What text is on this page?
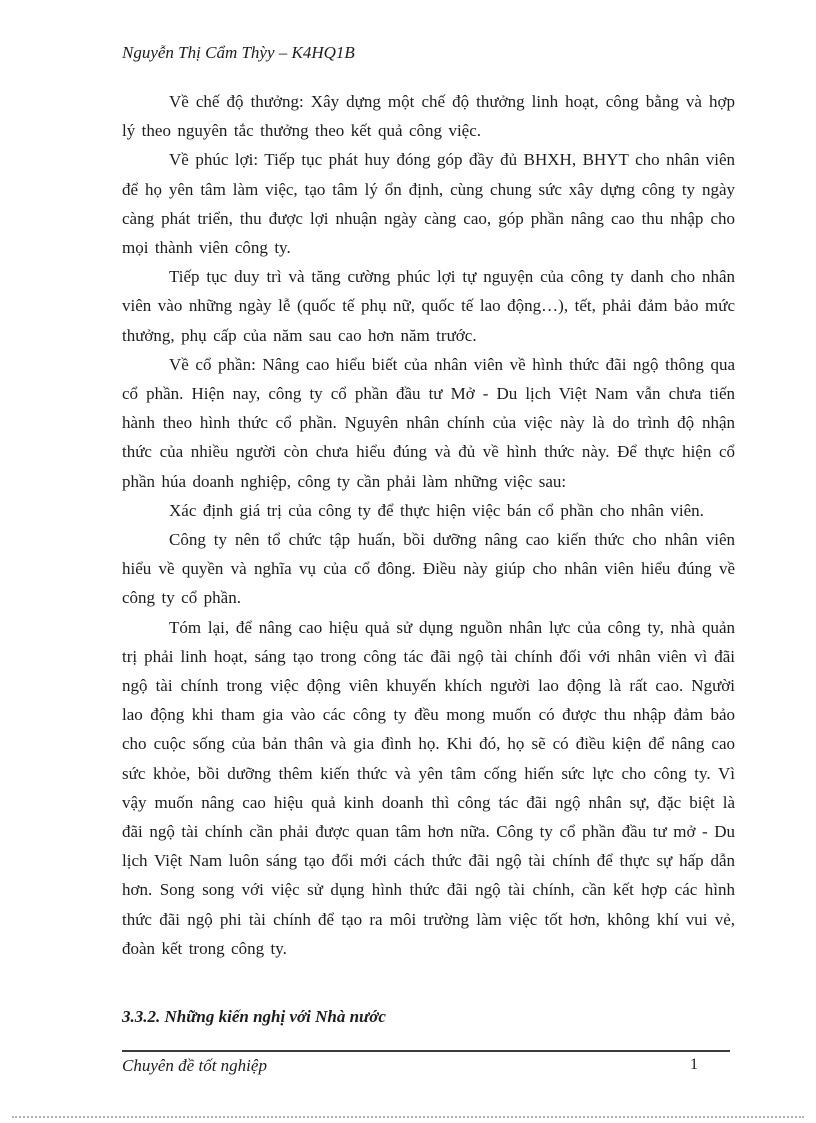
Nguyễn Thị Cẩm Thỳy – K4HQ1B

Về chế độ thưởng: Xây dựng một chế độ thưởng linh hoạt, công bằng và hợp lý theo nguyên tắc thưởng theo kết quả công việc.

Về phúc lợi: Tiếp tục phát huy đóng góp đầy đủ BHXH, BHYT cho nhân viên để họ yên tâm làm việc, tạo tâm lý ổn định, cùng chung sức xây dựng công ty ngày càng phát triển, thu được lợi nhuận ngày càng cao, góp phần nâng cao thu nhập cho mọi thành viên công ty.

Tiếp tục duy trì và tăng cường phúc lợi tự nguyện của công ty danh cho nhân viên vào những ngày lễ (quốc tế phụ nữ, quốc tế lao động…), tết, phải đảm bảo mức thưởng, phụ cấp của năm sau cao hơn năm trước.

Về cổ phần: Nâng cao hiểu biết của nhân viên về hình thức đãi ngộ thông qua cổ phần. Hiện nay, công ty cổ phần đầu tư Mở - Du lịch Việt Nam vẫn chưa tiến hành theo hình thức cổ phần. Nguyên nhân chính của việc này là do trình độ nhận thức của nhiều người còn chưa hiểu đúng và đủ về hình thức này. Để thực hiện cổ phần húa doanh nghiệp, công ty cần phải làm những việc sau:

Xác định giá trị của công ty để thực hiện việc bán cổ phần cho nhân viên.

Công ty nên tổ chức tập huấn, bồi dưỡng nâng cao kiến thức cho nhân viên hiểu về quyền và nghĩa vụ của cổ đông. Điều này giúp cho nhân viên hiểu đúng về công ty cổ phần.

Tóm lại, để nâng cao hiệu quả sử dụng nguồn nhân lực của công ty, nhà quản trị phải linh hoạt, sáng tạo trong công tác đãi ngộ tài chính đối với nhân viên vì đãi ngộ tài chính trong việc động viên khuyến khích người lao động là rất cao. Người lao động khi tham gia vào các công ty đều mong muốn có được thu nhập đảm bảo cho cuộc sống của bản thân và gia đình họ. Khi đó, họ sẽ có điều kiện để nâng cao sức khỏe, bồi dưỡng thêm kiến thức và yên tâm cống hiến sức lực cho công ty. Vì vậy muốn nâng cao hiệu quả kinh doanh thì công tác đãi ngộ nhân sự, đặc biệt là đãi ngộ tài chính cần phải được quan tâm hơn nữa. Công ty cổ phần đầu tư mở - Du lịch Việt Nam luôn sáng tạo đổi mới cách thức đãi ngộ tài chính để thực sự hấp dẫn hơn. Song song với việc sử dụng hình thức đãi ngộ tài chính, cần kết hợp các hình thức đãi ngộ phi tài chính để tạo ra môi trường làm việc tốt hơn, không khí vui vẻ, đoàn kết trong công ty.

3.3.2. Những kiến nghị với Nhà nước
Chuyên đề tốt nghiệp	1
